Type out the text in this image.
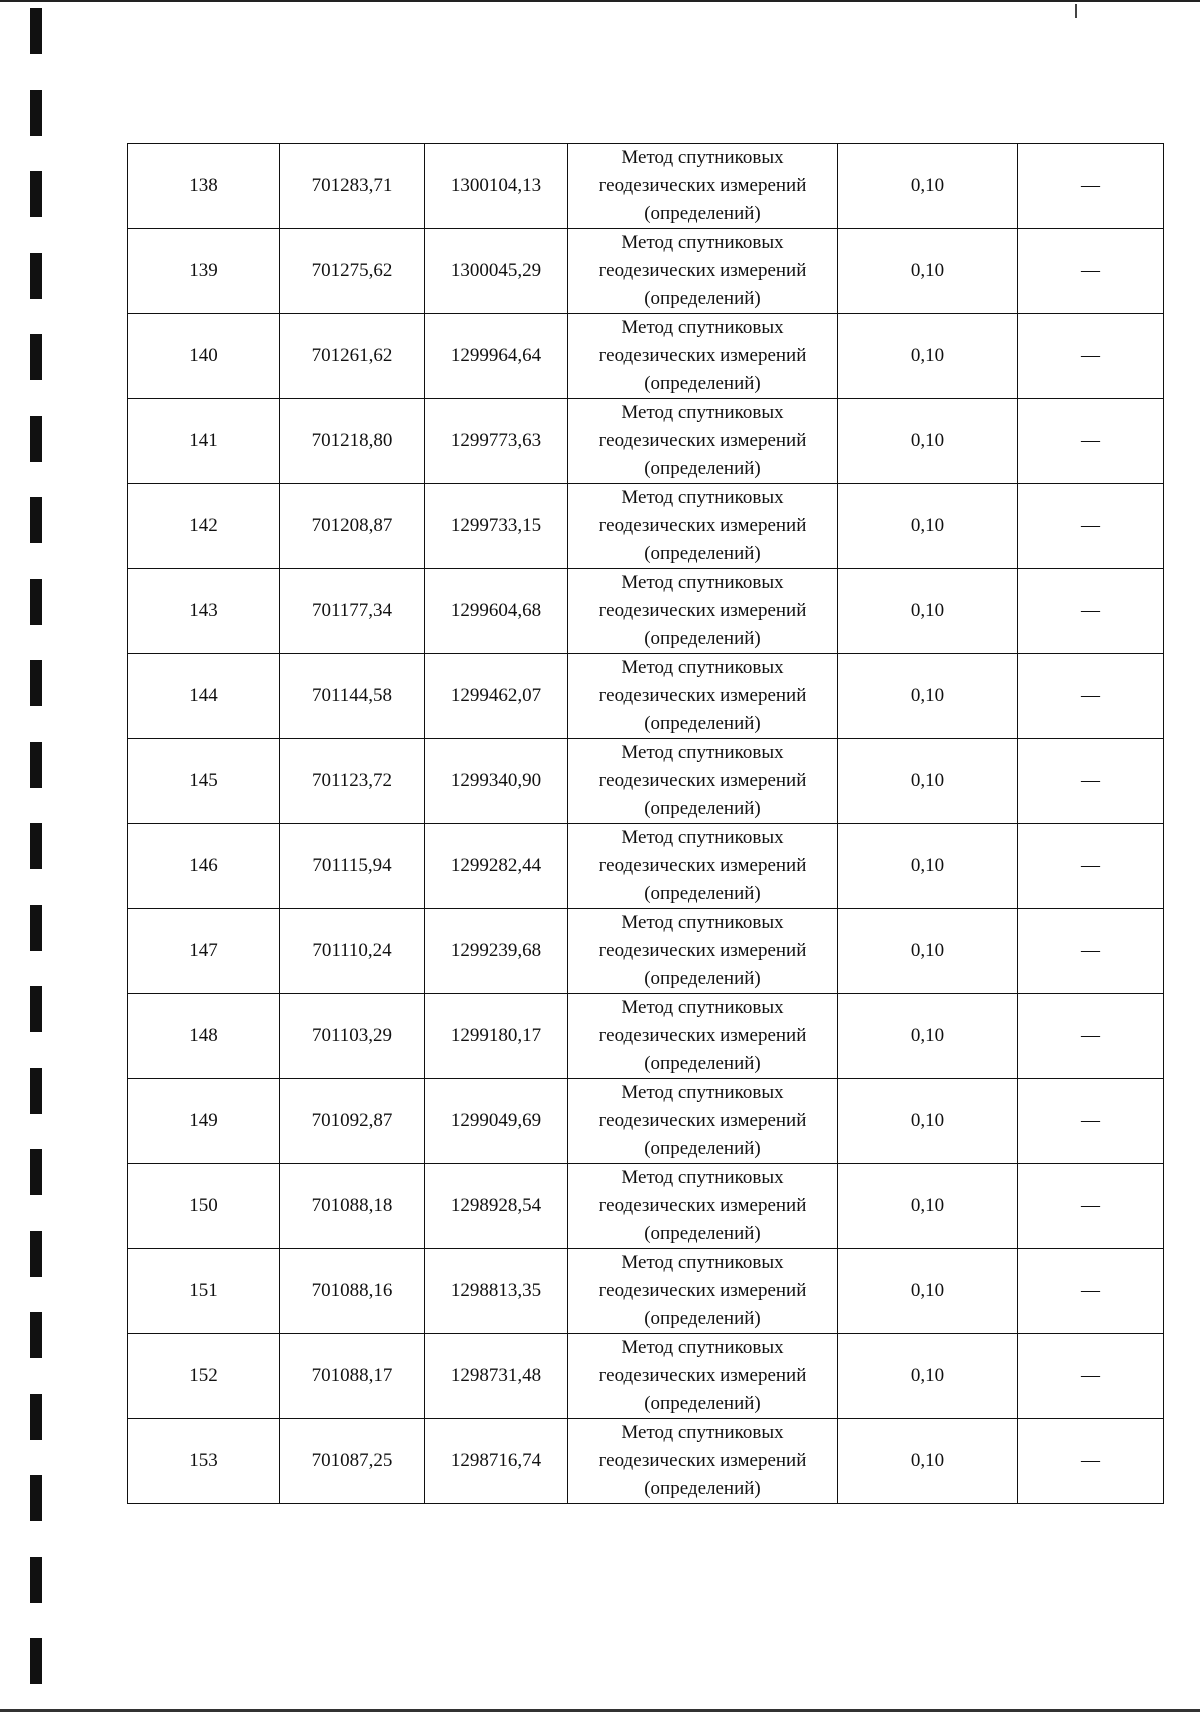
138	701283,71	1300104,13	Метод спутниковых
геодезических измерений
(определений)	0,10	—
139	701275,62	1300045,29	Метод спутниковых
геодезических измерений
(определений)	0,10	—
140	701261,62	1299964,64	Метод спутниковых
геодезических измерений
(определений)	0,10	—
141	701218,80	1299773,63	Метод спутниковых
геодезических измерений
(определений)	0,10	—
142	701208,87	1299733,15	Метод спутниковых
геодезических измерений
(определений)	0,10	—
143	701177,34	1299604,68	Метод спутниковых
геодезических измерений
(определений)	0,10	—
144	701144,58	1299462,07	Метод спутниковых
геодезических измерений
(определений)	0,10	—
145	701123,72	1299340,90	Метод спутниковых
геодезических измерений
(определений)	0,10	—
146	701115,94	1299282,44	Метод спутниковых
геодезических измерений
(определений)	0,10	—
147	701110,24	1299239,68	Метод спутниковых
геодезических измерений
(определений)	0,10	—
148	701103,29	1299180,17	Метод спутниковых
геодезических измерений
(определений)	0,10	—
149	701092,87	1299049,69	Метод спутниковых
геодезических измерений
(определений)	0,10	—
150	701088,18	1298928,54	Метод спутниковых
геодезических измерений
(определений)	0,10	—
151	701088,16	1298813,35	Метод спутниковых
геодезических измерений
(определений)	0,10	—
152	701088,17	1298731,48	Метод спутниковых
геодезических измерений
(определений)	0,10	—
153	701087,25	1298716,74	Метод спутниковых
геодезических измерений
(определений)	0,10	—
